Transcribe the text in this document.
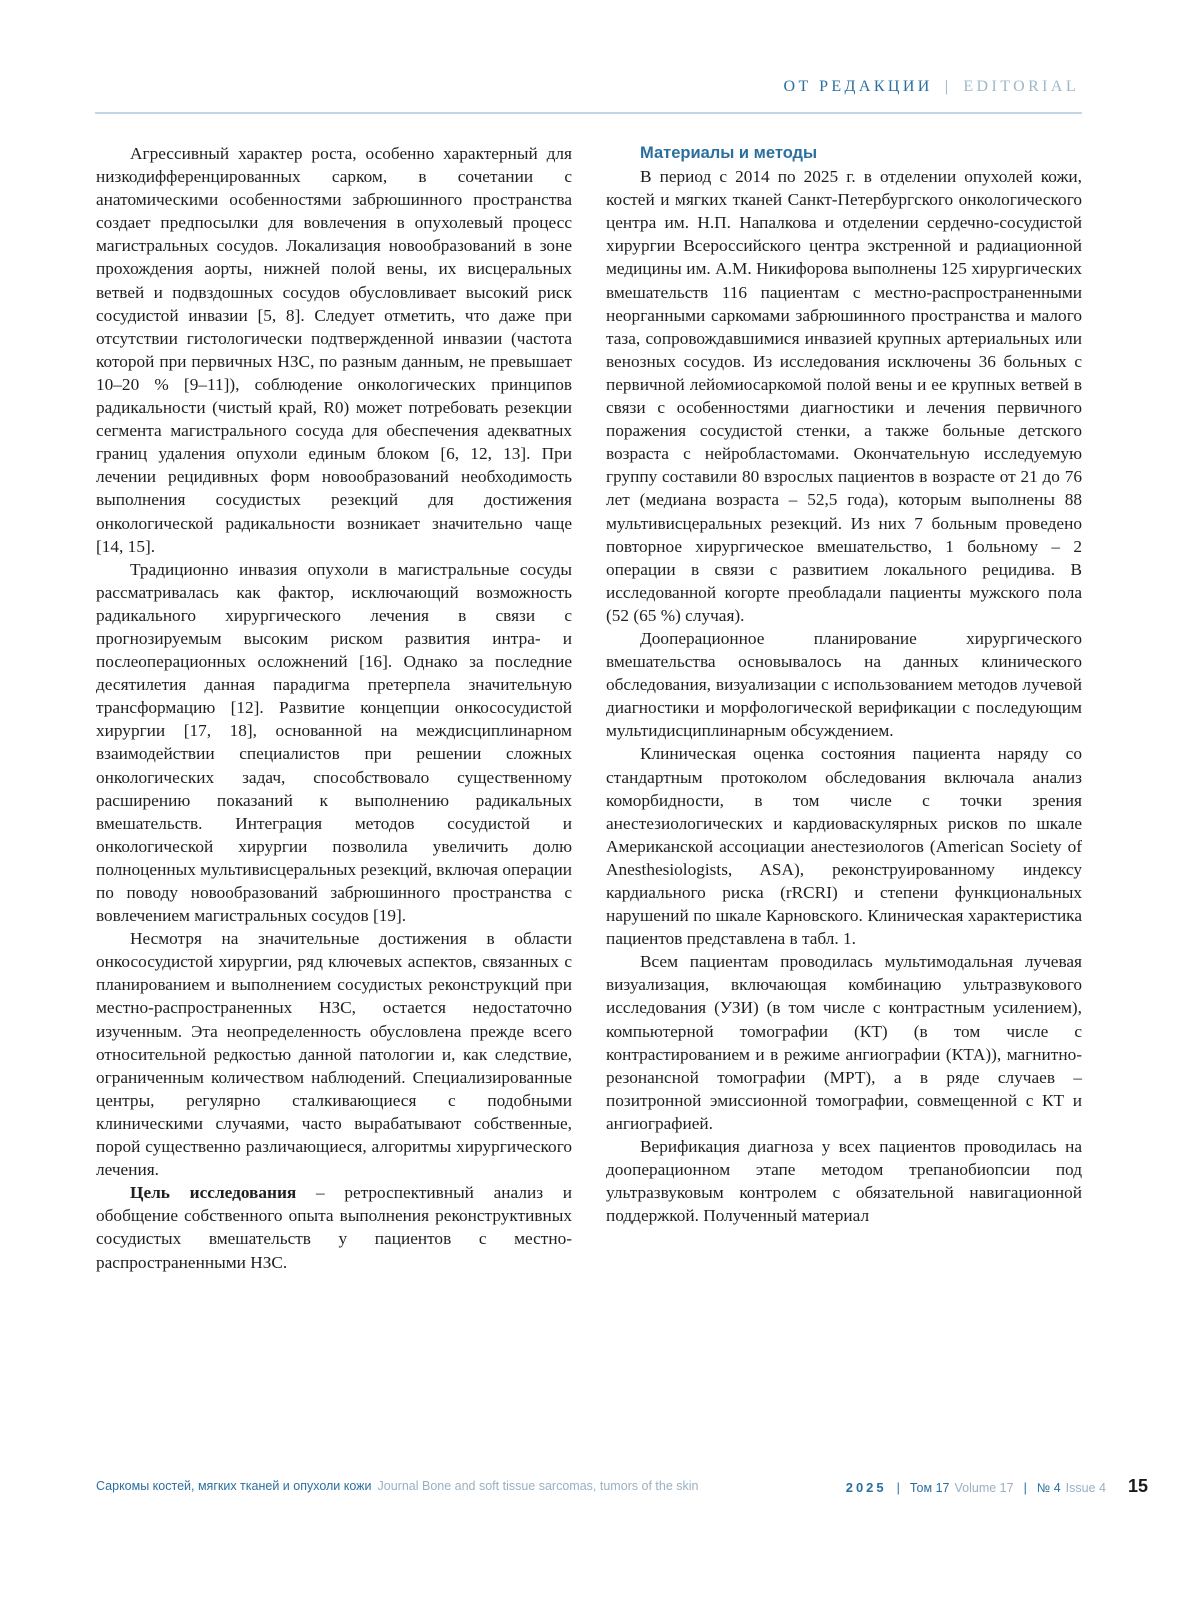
ОТ РЕДАКЦИИ | EDITORIAL

Агрессивный характер роста, особенно характерный для низкодифференцированных сарком, в сочетании с анатомическими особенностями забрюшинного пространства создает предпосылки для вовлечения в опухолевый процесс магистральных сосудов. Локализация новообразований в зоне прохождения аорты, нижней полой вены, их висцеральных ветвей и подвздошных сосудов обусловливает высокий риск сосудистой инвазии [5, 8]. Следует отметить, что даже при отсутствии гистологически подтвержденной инвазии (частота которой при первичных НЗС, по разным данным, не превышает 10–20 % [9–11]), соблюдение онкологических принципов радикальности (чистый край, R0) может потребовать резекции сегмента магистрального сосуда для обеспечения адекватных границ удаления опухоли единым блоком [6, 12, 13]. При лечении рецидивных форм новообразований необходимость выполнения сосудистых резекций для достижения онкологической радикальности возникает значительно чаще [14, 15].

Традиционно инвазия опухоли в магистральные сосуды рассматривалась как фактор, исключающий возможность радикального хирургического лечения в связи с прогнозируемым высоким риском развития интра- и послеоперационных осложнений [16]. Однако за последние десятилетия данная парадигма претерпела значительную трансформацию [12]. Развитие концепции онкососудистой хирургии [17, 18], основанной на междисциплинарном взаимодействии специалистов при решении сложных онкологических задач, способствовало существенному расширению показаний к выполнению радикальных вмешательств. Интеграция методов сосудистой и онкологической хирургии позволила увеличить долю полноценных мультивисцеральных резекций, включая операции по поводу новообразований забрюшинного пространства с вовлечением магистральных сосудов [19].

Несмотря на значительные достижения в области онкососудистой хирургии, ряд ключевых аспектов, связанных с планированием и выполнением сосудистых реконструкций при местно-распространенных НЗС, остается недостаточно изученным. Эта неопределенность обусловлена прежде всего относительной редкостью данной патологии и, как следствие, ограниченным количеством наблюдений. Специализированные центры, регулярно сталкивающиеся с подобными клиническими случаями, часто вырабатывают собственные, порой существенно различающиеся, алгоритмы хирургического лечения.

Цель исследования – ретроспективный анализ и обобщение собственного опыта выполнения реконструктивных сосудистых вмешательств у пациентов с местно-распространенными НЗС.

Материалы и методы

В период с 2014 по 2025 г. в отделении опухолей кожи, костей и мягких тканей Санкт-Петербургского онкологического центра им. Н.П. Напалкова и отделении сердечно-сосудистой хирургии Всероссийского центра экстренной и радиационной медицины им. А.М. Никифорова выполнены 125 хирургических вмешательств 116 пациентам с местно-распространенными неорганными саркомами забрюшинного пространства и малого таза, сопровождавшимися инвазией крупных артериальных или венозных сосудов. Из исследования исключены 36 больных с первичной лейомиосаркомой полой вены и ее крупных ветвей в связи с особенностями диагностики и лечения первичного поражения сосудистой стенки, а также больные детского возраста с нейробластомами. Окончательную исследуемую группу составили 80 взрослых пациентов в возрасте от 21 до 76 лет (медиана возраста – 52,5 года), которым выполнены 88 мультивисцеральных резекций. Из них 7 больным проведено повторное хирургическое вмешательство, 1 больному – 2 операции в связи с развитием локального рецидива. В исследованной когорте преобладали пациенты мужского пола (52 (65 %) случая).

Дооперационное планирование хирургического вмешательства основывалось на данных клинического обследования, визуализации с использованием методов лучевой диагностики и морфологической верификации с последующим мультидисциплинарным обсуждением.

Клиническая оценка состояния пациента наряду со стандартным протоколом обследования включала анализ коморбидности, в том числе с точки зрения анестезиологических и кардиоваскулярных рисков по шкале Американской ассоциации анестезиологов (American Society of Anesthesiologists, ASA), реконструированному индексу кардиального риска (rRCRI) и степени функциональных нарушений по шкале Карновского. Клиническая характеристика пациентов представлена в табл. 1.

Всем пациентам проводилась мультимодальная лучевая визуализация, включающая комбинацию ультразвукового исследования (УЗИ) (в том числе с контрастным усилением), компьютерной томографии (КТ) (в том числе с контрастированием и в режиме ангиографии (КТА)), магнитно-резонансной томографии (МРТ), а в ряде случаев – позитронной эмиссионной томографии, совмещенной с КТ и ангиографией.

Верификация диагноза у всех пациентов проводилась на дооперационном этапе методом трепанобиопсии под ультразвуковым контролем с обязательной навигационной поддержкой. Полученный материал

Саркомы костей, мягких тканей и опухоли кожи Journal Bone and soft tissue sarcomas, tumors of the skin	2025 | Том 17 Volume 17 | № 4 Issue 4 15
